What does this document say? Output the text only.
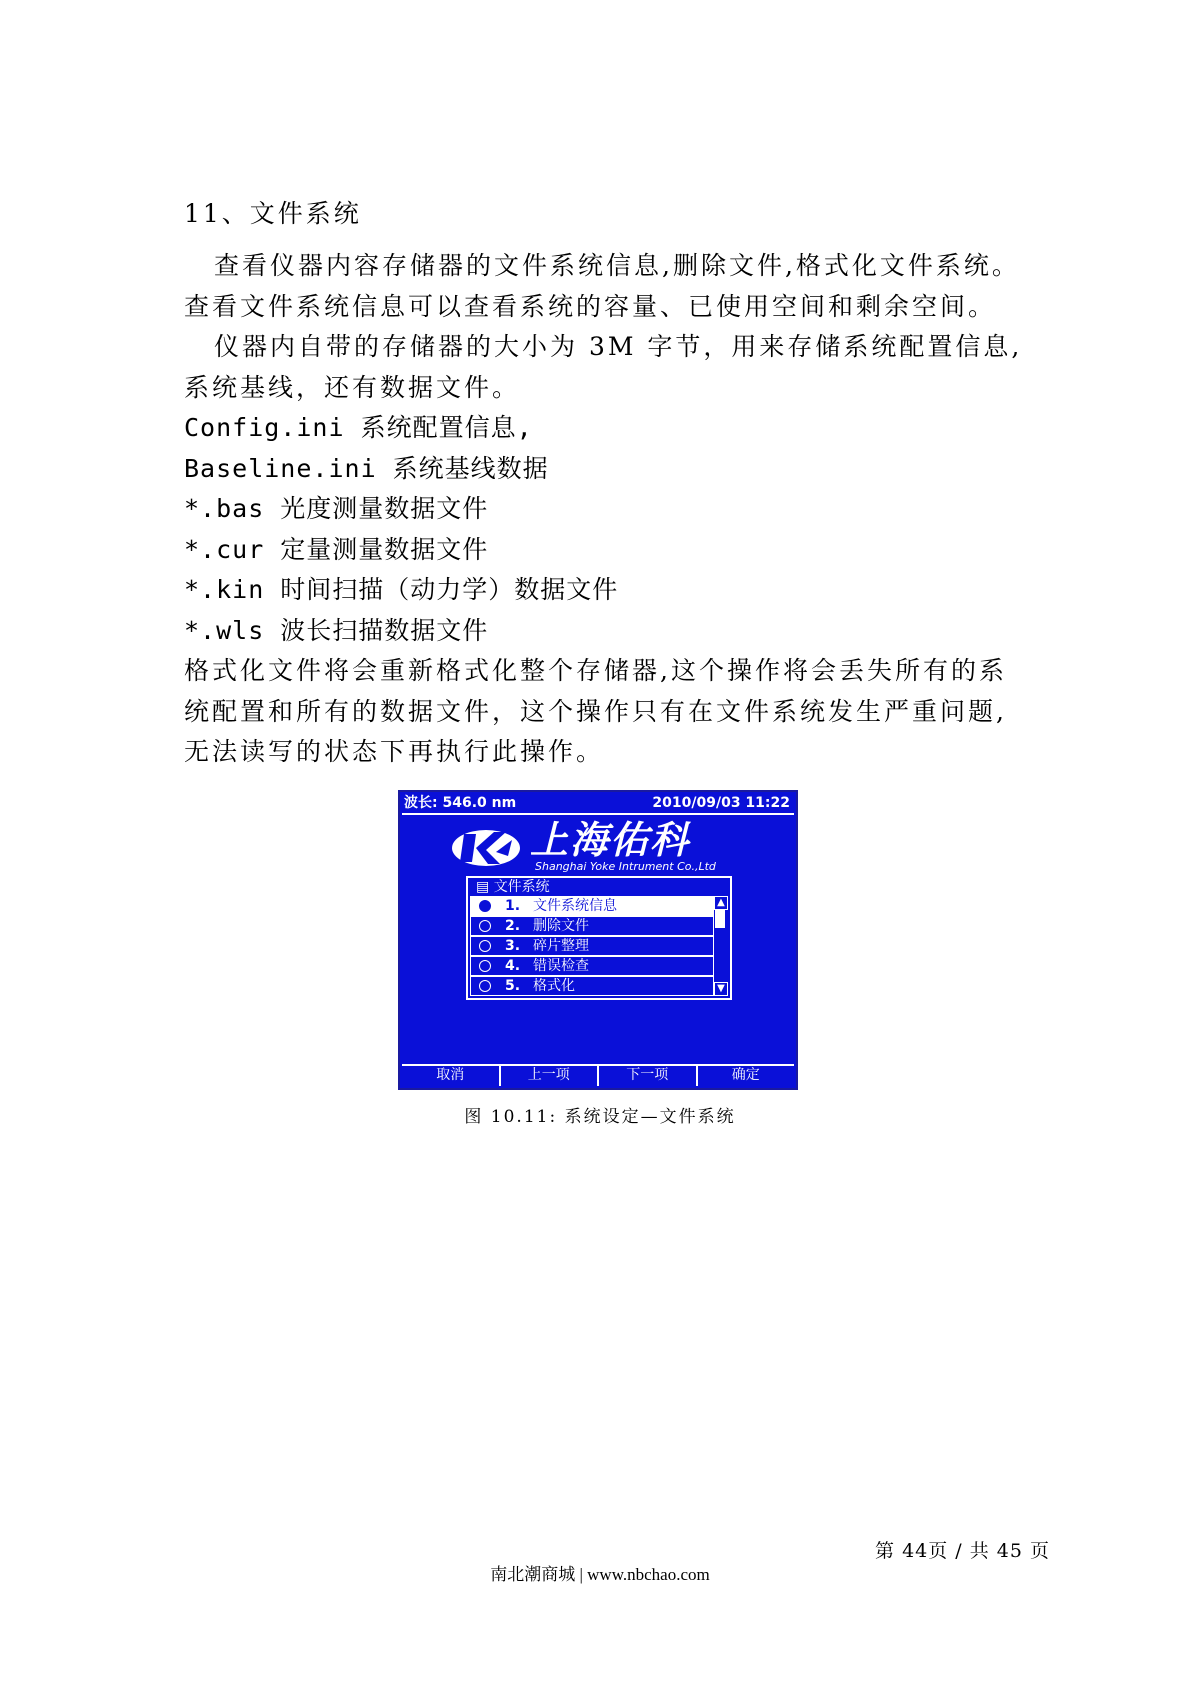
11、文件系统
查看仪器内容存储器的文件系统信息,删除文件,格式化文件系统。
查看文件系统信息可以查看系统的容量、已使用空间和剩余空间。
仪器内自带的存储器的大小为 3M 字节，用来存储系统配置信息,
系统基线，还有数据文件。
Config.ini 系统配置信息,
Baseline.ini 系统基线数据
*.bas 光度测量数据文件
*.cur 定量测量数据文件
*.kin 时间扫描（动力学）数据文件
*.wls 波长扫描数据文件
格式化文件将会重新格式化整个存储器,这个操作将会丢失所有的系
统配置和所有的数据文件，这个操作只有在文件系统发生严重问题,
无法读写的状态下再执行此操作。
波长: 546.0 nm	2010/09/03 11:22
上海佑科
Shanghai Yoke Intrument Co.,Ltd
▤ 文件系统
1. 文件系统信息
2. 删除文件
3. 碎片整理
4. 错误检查
5. 格式化
▲
▼
取消	上一项	下一项	确定
图 10.11: 系统设定—文件系统
第 44页 / 共 45 页
南北潮商城 | www.nbchao.com
